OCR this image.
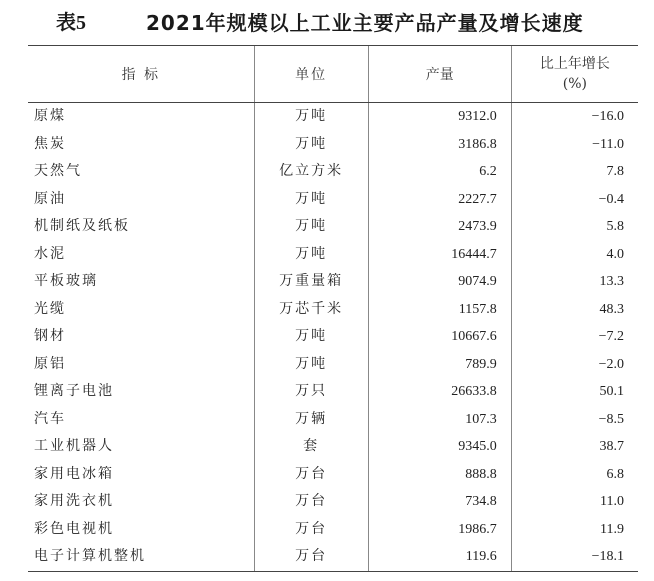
表5	2021年规模以上工业主要产品产量及增长速度
指 标	单位	产量	比上年增长
(%)

原煤	万吨	9312.0	−16.0
焦炭	万吨	3186.8	−11.0
天然气	亿立方米	6.2	7.8
原油	万吨	2227.7	−0.4
机制纸及纸板	万吨	2473.9	5.8
水泥	万吨	16444.7	4.0
平板玻璃	万重量箱	9074.9	13.3
光缆	万芯千米	1157.8	48.3
钢材	万吨	10667.6	−7.2
原铝	万吨	789.9	−2.0
锂离子电池	万只	26633.8	50.1
汽车	万辆	107.3	−8.5
工业机器人	套	9345.0	38.7
家用电冰箱	万台	888.8	6.8
家用洗衣机	万台	734.8	11.0
彩色电视机	万台	1986.7	11.9
电子计算机整机	万台	119.6	−18.1
